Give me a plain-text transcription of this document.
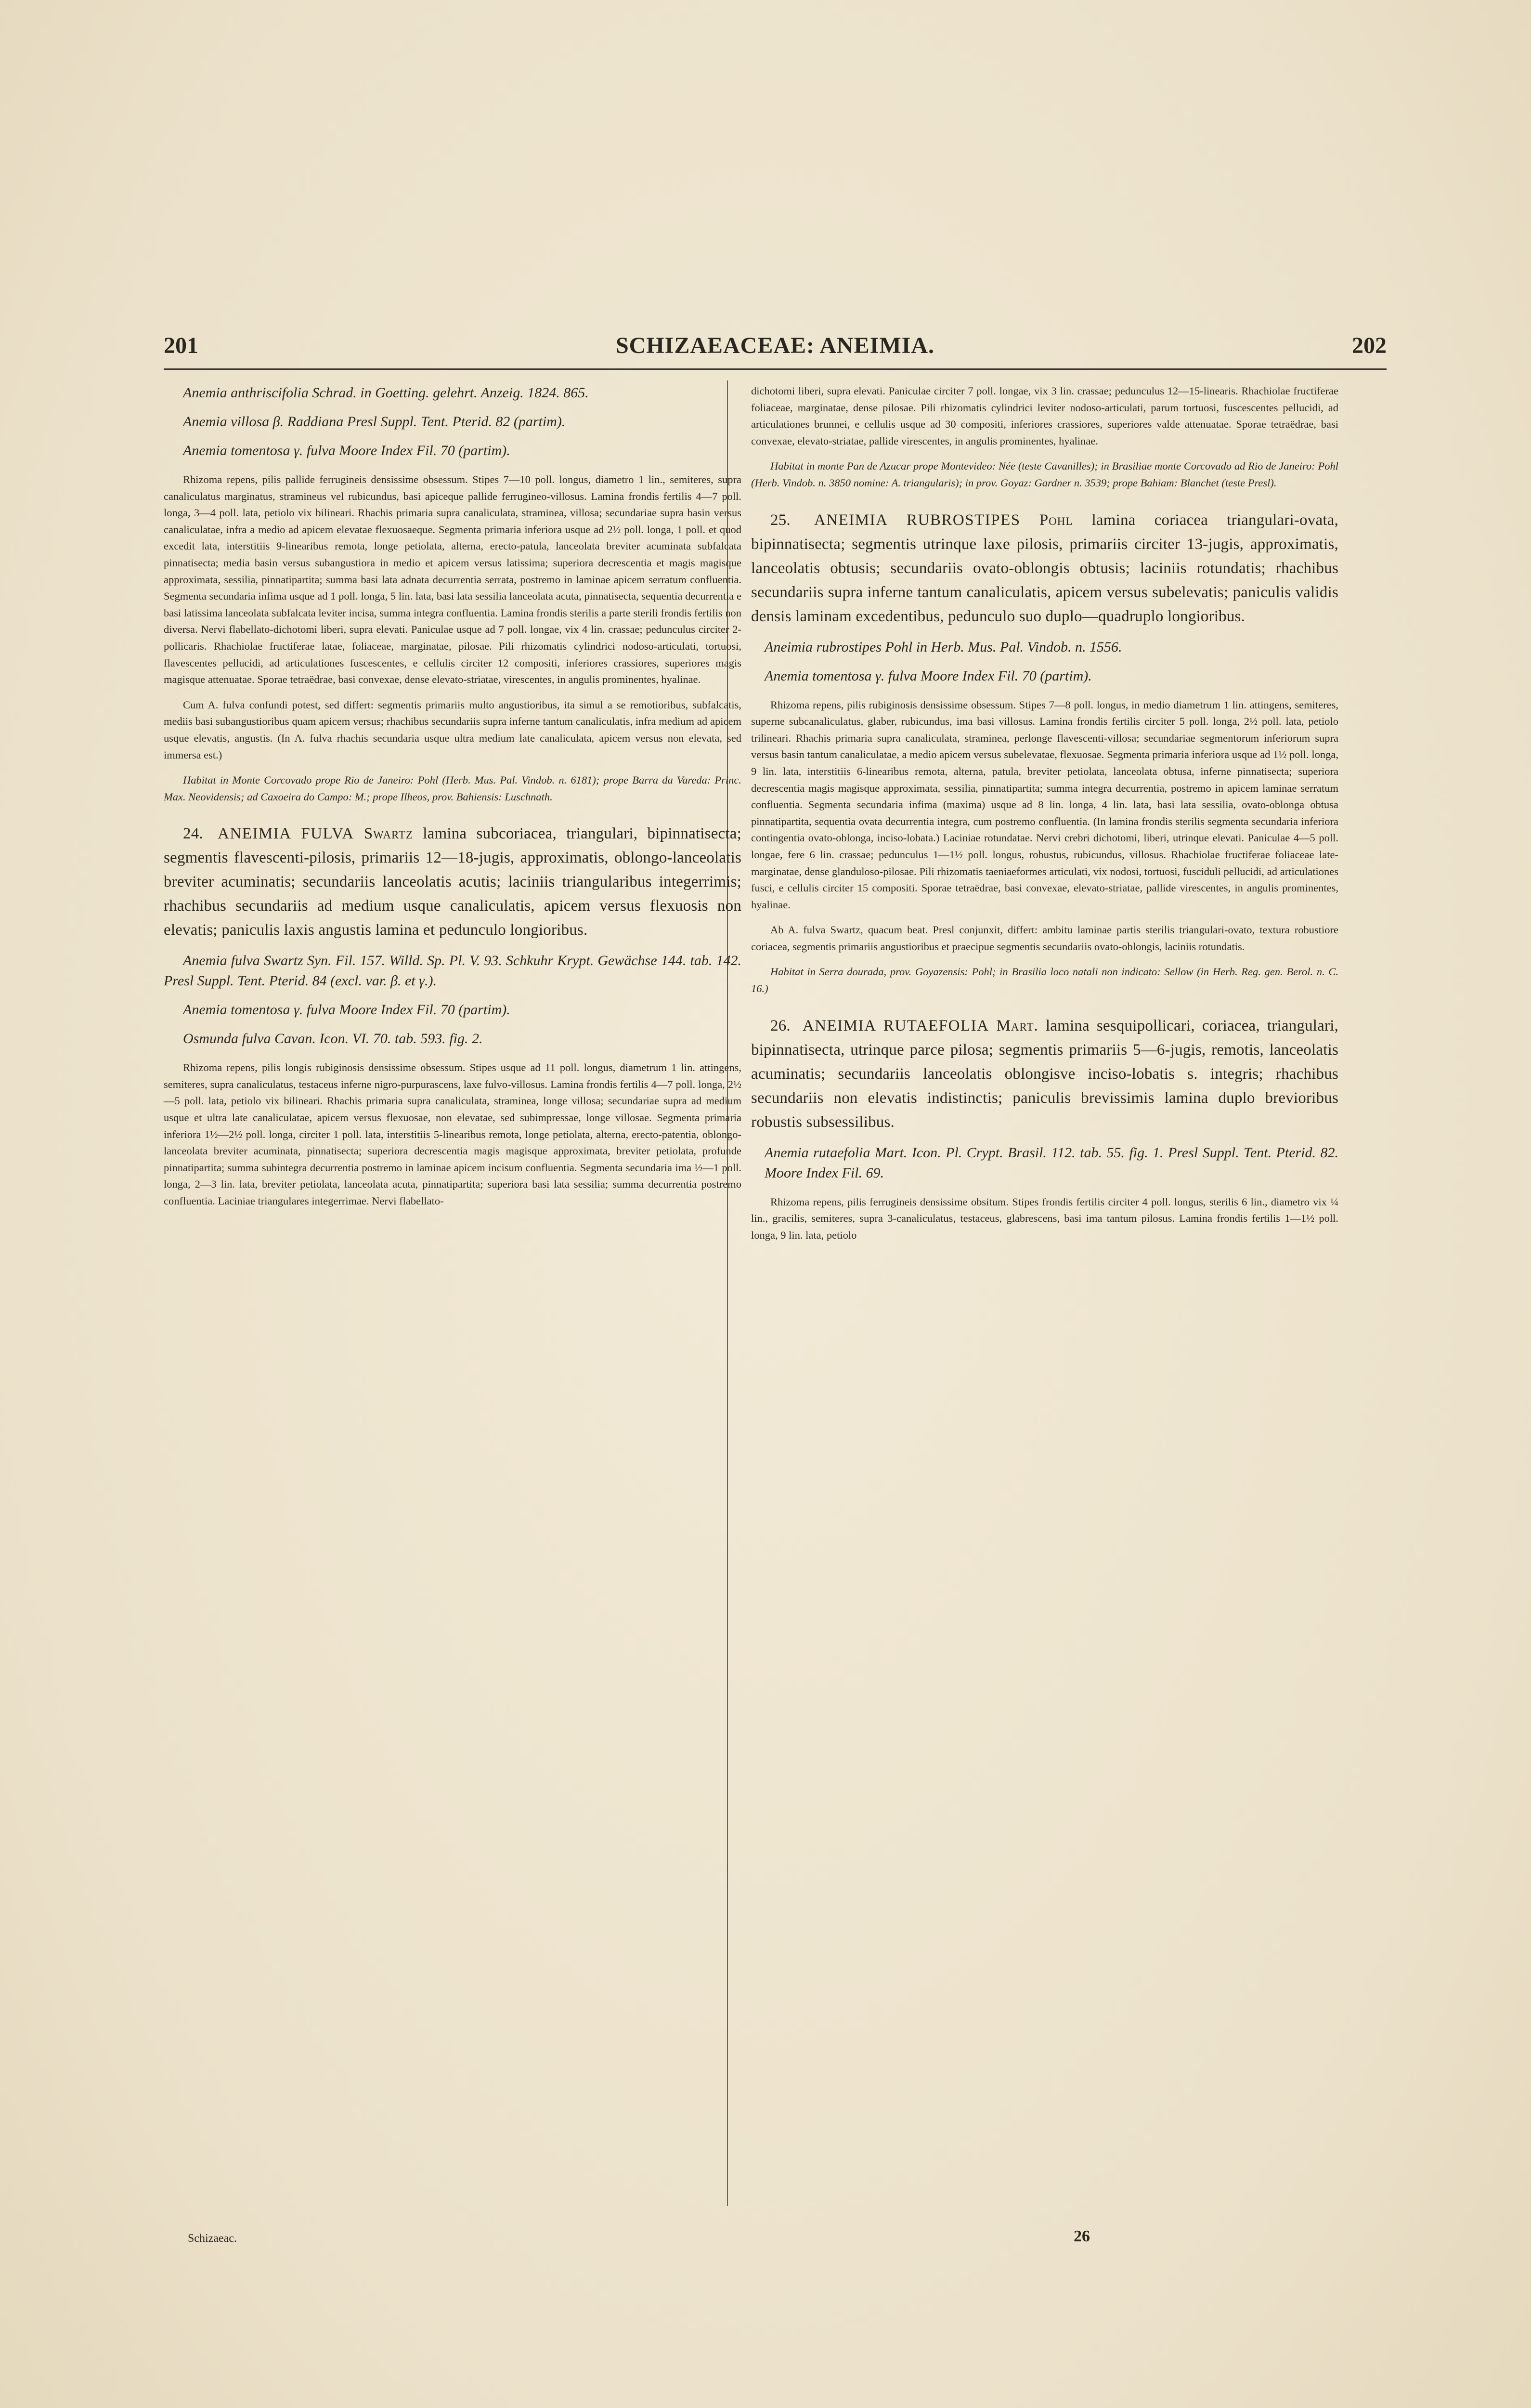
201	SCHIZAEACEAE: ANEIMIA.	202

Anemia anthriscifolia Schrad. in Goetting. gelehrt. Anzeig. 1824. 865.

Anemia villosa β. Raddiana Presl Suppl. Tent. Pterid. 82 (partim).

Anemia tomentosa γ. fulva Moore Index Fil. 70 (partim).

Rhizoma repens, pilis pallide ferrugineis densissime obsessum. Stipes 7—10 poll. longus, diametro 1 lin., semiteres, supra canaliculatus marginatus, stramineus vel rubicundus, basi apiceque pallide ferrugineo-villosus. Lamina frondis fertilis 4—7 poll. longa, 3—4 poll. lata, petiolo vix bilineari. Rhachis primaria supra canaliculata, straminea, villosa; secundariae supra basin versus canaliculatae, infra a medio ad apicem elevatae flexuosaeque. Segmenta primaria inferiora usque ad 2½ poll. longa, 1 poll. et quod excedit lata, interstitiis 9-linearibus remota, longe petiolata, alterna, erecto-patula, lanceolata breviter acuminata subfalcata pinnatisecta; media basin versus subangustiora in medio et apicem versus latissima; superiora decrescentia et magis magisque approximata, sessilia, pinnatipartita; summa basi lata adnata decurrentia serrata, postremo in laminae apicem serratum confluentia. Segmenta secundaria infima usque ad 1 poll. longa, 5 lin. lata, basi lata sessilia lanceolata acuta, pinnatisecta, sequentia decurrentia e basi latissima lanceolata subfalcata leviter incisa, summa integra confluentia. Lamina frondis sterilis a parte sterili frondis fertilis non diversa. Nervi flabellato-dichotomi liberi, supra elevati. Paniculae usque ad 7 poll. longae, vix 4 lin. crassae; pedunculus circiter 2-pollicaris. Rhachiolae fructiferae latae, foliaceae, marginatae, pilosae. Pili rhizomatis cylindrici nodoso-articulati, tortuosi, flavescentes pellucidi, ad articulationes fuscescentes, e cellulis circiter 12 compositi, inferiores crassiores, superiores magis magisque attenuatae. Sporae tetraëdrae, basi convexae, dense elevato-striatae, virescentes, in angulis prominentes, hyalinae.

Cum A. fulva confundi potest, sed differt: segmentis primariis multo angustioribus, ita simul a se remotioribus, subfalcatis, mediis basi subangustioribus quam apicem versus; rhachibus secundariis supra inferne tantum canaliculatis, infra medium ad apicem usque elevatis, angustis. (In A. fulva rhachis secundaria usque ultra medium late canaliculata, apicem versus non elevata, sed immersa est.)

Habitat in Monte Corcovado prope Rio de Janeiro: Pohl (Herb. Mus. Pal. Vindob. n. 6181); prope Barra da Vareda: Princ. Max. Neovidensis; ad Caxoeira do Campo: M.; prope Ilheos, prov. Bahiensis: Luschnath.

24. ANEIMIA FULVA Swartz lamina subcoriacea, triangulari, bipinnatisecta; segmentis flavescenti-pilosis, primariis 12—18-jugis, approximatis, oblongo-lanceolatis breviter acuminatis; secundariis lanceolatis acutis; laciniis triangularibus integerrimis; rhachibus secundariis ad medium usque canaliculatis, apicem versus flexuosis non elevatis; paniculis laxis angustis lamina et pedunculo longioribus.

Anemia fulva Swartz Syn. Fil. 157. Willd. Sp. Pl. V. 93. Schkuhr Krypt. Gewächse 144. tab. 142. Presl Suppl. Tent. Pterid. 84 (excl. var. β. et γ.).

Anemia tomentosa γ. fulva Moore Index Fil. 70 (partim).

Osmunda fulva Cavan. Icon. VI. 70. tab. 593. fig. 2.

Rhizoma repens, pilis longis rubiginosis densissime obsessum. Stipes usque ad 11 poll. longus, diametrum 1 lin. attingens, semiteres, supra canaliculatus, testaceus inferne nigro-purpurascens, laxe fulvo-villosus. Lamina frondis fertilis 4—7 poll. longa, 2½—5 poll. lata, petiolo vix bilineari. Rhachis primaria supra canaliculata, straminea, longe villosa; secundariae supra ad medium usque et ultra late canaliculatae, apicem versus flexuosae, non elevatae, sed subimpressae, longe villosae. Segmenta primaria inferiora 1½—2½ poll. longa, circiter 1 poll. lata, interstitiis 5-linearibus remota, longe petiolata, alterna, erecto-patentia, oblongo-lanceolata breviter acuminata, pinnatisecta; superiora decrescentia magis magisque approximata, breviter petiolata, profunde pinnatipartita; summa subintegra decurrentia postremo in laminae apicem incisum confluentia. Segmenta secundaria ima ½—1 poll. longa, 2—3 lin. lata, breviter petiolata, lanceolata acuta, pinnatipartita; superiora basi lata sessilia; summa decurrentia postremo confluentia. Laciniae triangulares integerrimae. Nervi flabellato-

Schizaeac.

dichotomi liberi, supra elevati. Paniculae circiter 7 poll. longae, vix 3 lin. crassae; pedunculus 12—15-linearis. Rhachiolae fructiferae foliaceae, marginatae, dense pilosae. Pili rhizomatis cylindrici leviter nodoso-articulati, parum tortuosi, fuscescentes pellucidi, ad articulationes brunnei, e cellulis usque ad 30 compositi, inferiores crassiores, superiores valde attenuatae. Sporae tetraëdrae, basi convexae, elevato-striatae, pallide virescentes, in angulis prominentes, hyalinae.

Habitat in monte Pan de Azucar prope Montevideo: Née (teste Cavanilles); in Brasiliae monte Corcovado ad Rio de Janeiro: Pohl (Herb. Vindob. n. 3850 nomine: A. triangularis); in prov. Goyaz: Gardner n. 3539; prope Bahiam: Blanchet (teste Presl).

25. ANEIMIA RUBROSTIPES Pohl lamina coriacea triangulari-ovata, bipinnatisecta; segmentis utrinque laxe pilosis, primariis circiter 13-jugis, approximatis, lanceolatis obtusis; secundariis ovato-oblongis obtusis; laciniis rotundatis; rhachibus secundariis supra inferne tantum canaliculatis, apicem versus subelevatis; paniculis validis densis laminam excedentibus, pedunculo suo duplo—quadruplo longioribus.

Aneimia rubrostipes Pohl in Herb. Mus. Pal. Vindob. n. 1556.

Anemia tomentosa γ. fulva Moore Index Fil. 70 (partim).

Rhizoma repens, pilis rubiginosis densissime obsessum. Stipes 7—8 poll. longus, in medio diametrum 1 lin. attingens, semiteres, superne subcanaliculatus, glaber, rubicundus, ima basi villosus. Lamina frondis fertilis circiter 5 poll. longa, 2½ poll. lata, petiolo trilineari. Rhachis primaria supra canaliculata, straminea, perlonge flavescenti-villosa; secundariae segmentorum inferiorum supra versus basin tantum canaliculatae, a medio apicem versus subelevatae, flexuosae. Segmenta primaria inferiora usque ad 1½ poll. longa, 9 lin. lata, interstitiis 6-linearibus remota, alterna, patula, breviter petiolata, lanceolata obtusa, inferne pinnatisecta; superiora decrescentia magis magisque approximata, sessilia, pinnatipartita; summa integra decurrentia, postremo in apicem laminae serratum confluentia. Segmenta secundaria infima (maxima) usque ad 8 lin. longa, 4 lin. lata, basi lata sessilia, ovato-oblonga obtusa pinnatipartita, sequentia ovata decurrentia integra, cum postremo confluentia. (In lamina frondis sterilis segmenta secundaria inferiora contingentia ovato-oblonga, inciso-lobata.) Laciniae rotundatae. Nervi crebri dichotomi, liberi, utrinque elevati. Paniculae 4—5 poll. longae, fere 6 lin. crassae; pedunculus 1—1½ poll. longus, robustus, rubicundus, villosus. Rhachiolae fructiferae foliaceae late-marginatae, dense glanduloso-pilosae. Pili rhizomatis taeniaeformes articulati, vix nodosi, tortuosi, fusciduli pellucidi, ad articulationes fusci, e cellulis circiter 15 compositi. Sporae tetraëdrae, basi convexae, elevato-striatae, pallide virescentes, in angulis prominentes, hyalinae.

Ab A. fulva Swartz, quacum beat. Presl conjunxit, differt: ambitu laminae partis sterilis triangulari-ovato, textura robustiore coriacea, segmentis primariis angustioribus et praecipue segmentis secundariis ovato-oblongis, laciniis rotundatis.

Habitat in Serra dourada, prov. Goyazensis: Pohl; in Brasilia loco natali non indicato: Sellow (in Herb. Reg. gen. Berol. n. C. 16.)

26. ANEIMIA RUTAEFOLIA Mart. lamina sesquipollicari, coriacea, triangulari, bipinnatisecta, utrinque parce pilosa; segmentis primariis 5—6-jugis, remotis, lanceolatis acuminatis; secundariis lanceolatis oblongisve inciso-lobatis s. integris; rhachibus secundariis non elevatis indistinctis; paniculis brevissimis lamina duplo brevioribus robustis subsessilibus.

Anemia rutaefolia Mart. Icon. Pl. Crypt. Brasil. 112. tab. 55. fig. 1. Presl Suppl. Tent. Pterid. 82. Moore Index Fil. 69.

Rhizoma repens, pilis ferrugineis densissime obsitum. Stipes frondis fertilis circiter 4 poll. longus, sterilis 6 lin., diametro vix ¼ lin., gracilis, semiteres, supra 3-canaliculatus, testaceus, glabrescens, basi ima tantum pilosus. Lamina frondis fertilis 1—1½ poll. longa, 9 lin. lata, petiolo

26
